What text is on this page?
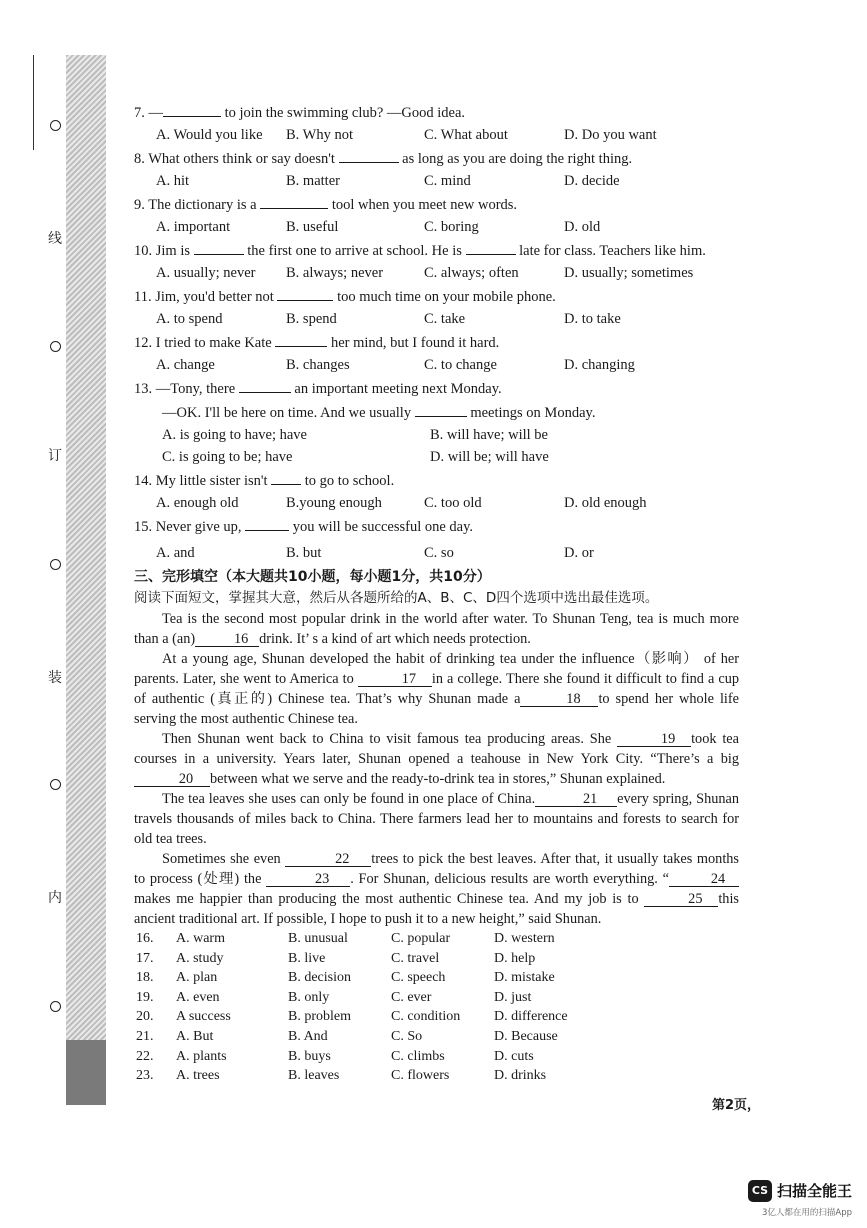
线
订
装
内

7. —	to join the swimming club? —Good idea.

A. Would you like	B. Why not	C. What about	D. Do you want

8. What others think or say doesn't	as long as you are doing the right thing.

A. hit	B. matter	C. mind	D. decide

9. The dictionary is a	tool when you meet new words.

A. important	B. useful	C. boring	D. old

10. Jim is	the first one to arrive at school. He is	late for class. Teachers like him.

A. usually; never	B. always; never	C. always; often	D. usually; sometimes

11. Jim, you'd better not	too much time on your mobile phone.

A. to spend	B. spend	C. take	D. to take

12. I tried to make Kate	her mind, but I found it hard.

A. change	B. changes	C. to change	D. changing

13. —Tony, there	an important meeting next Monday.

—OK. I'll be here on time. And we usually	meetings on Monday.

A. is going to have; have	B. will have; will be
C. is going to be; have	D. will be; will have

14. My little sister isn't  to go to school.

A. enough old	B.young enough	C. too old	D. old enough

15. Never give up,	you will be successful one day.

A. and	B. but	C. so	D. or
三、完形填空（本大题共10小题，每小题1分，共10分）
阅读下面短文，掌握其大意，然后从各题所给的A、B、C、D四个选项中选出最佳选项。

Tea is the second most popular drink in the world after water. To Shunan Teng, tea is much more than a (an)	16 drink. It’ s a kind of art which needs protection.

At a young age, Shunan developed the habit of drinking tea under the influence（影响） of her parents. Later, she went to America to	17 in a college. There she found it difficult to find a cup of authentic (真正的) Chinese tea. That’s why Shunan made a	18 to spend her whole life serving the most authentic Chinese tea.

Then Shunan went back to China to visit famous tea producing areas. She	19 took tea courses in a university. Years later, Shunan opened a teahouse in New York City. “There’s a big 20 between what we serve and the ready-to-drink tea in stores,” Shunan explained.

The tea leaves she uses can only be found in one place of China.	21 every spring, Shunan travels thousands of miles back to China. There farmers lead her to mountains and forests to search for old tea trees.

Sometimes she even	22 trees to pick the best leaves. After that, it usually takes months to process (处理) the	23 . For Shunan, delicious results are worth everything. “	24makes me happier than producing the most authentic Chinese tea. And my job is to	25 this ancient traditional art. If possible, I hope to push it to a new height,” said Shunan.

16.	A. warm	B. unusual	C. popular	D. western
17.	A. study	B. live	C. travel	D. help
18.	A. plan	B. decision	C. speech	D. mistake
19.	A. even	B. only	C. ever	D. just
20.	A success	B. problem	C. condition	D. difference
21.	A. But	B. And	C. So	D. Because
22.	A. plants	B. buys	C. climbs	D. cuts
23.	A. trees	B. leaves	C. flowers	D. drinks
第2页，
CS 扫描全能王
3亿人都在用的扫描App
